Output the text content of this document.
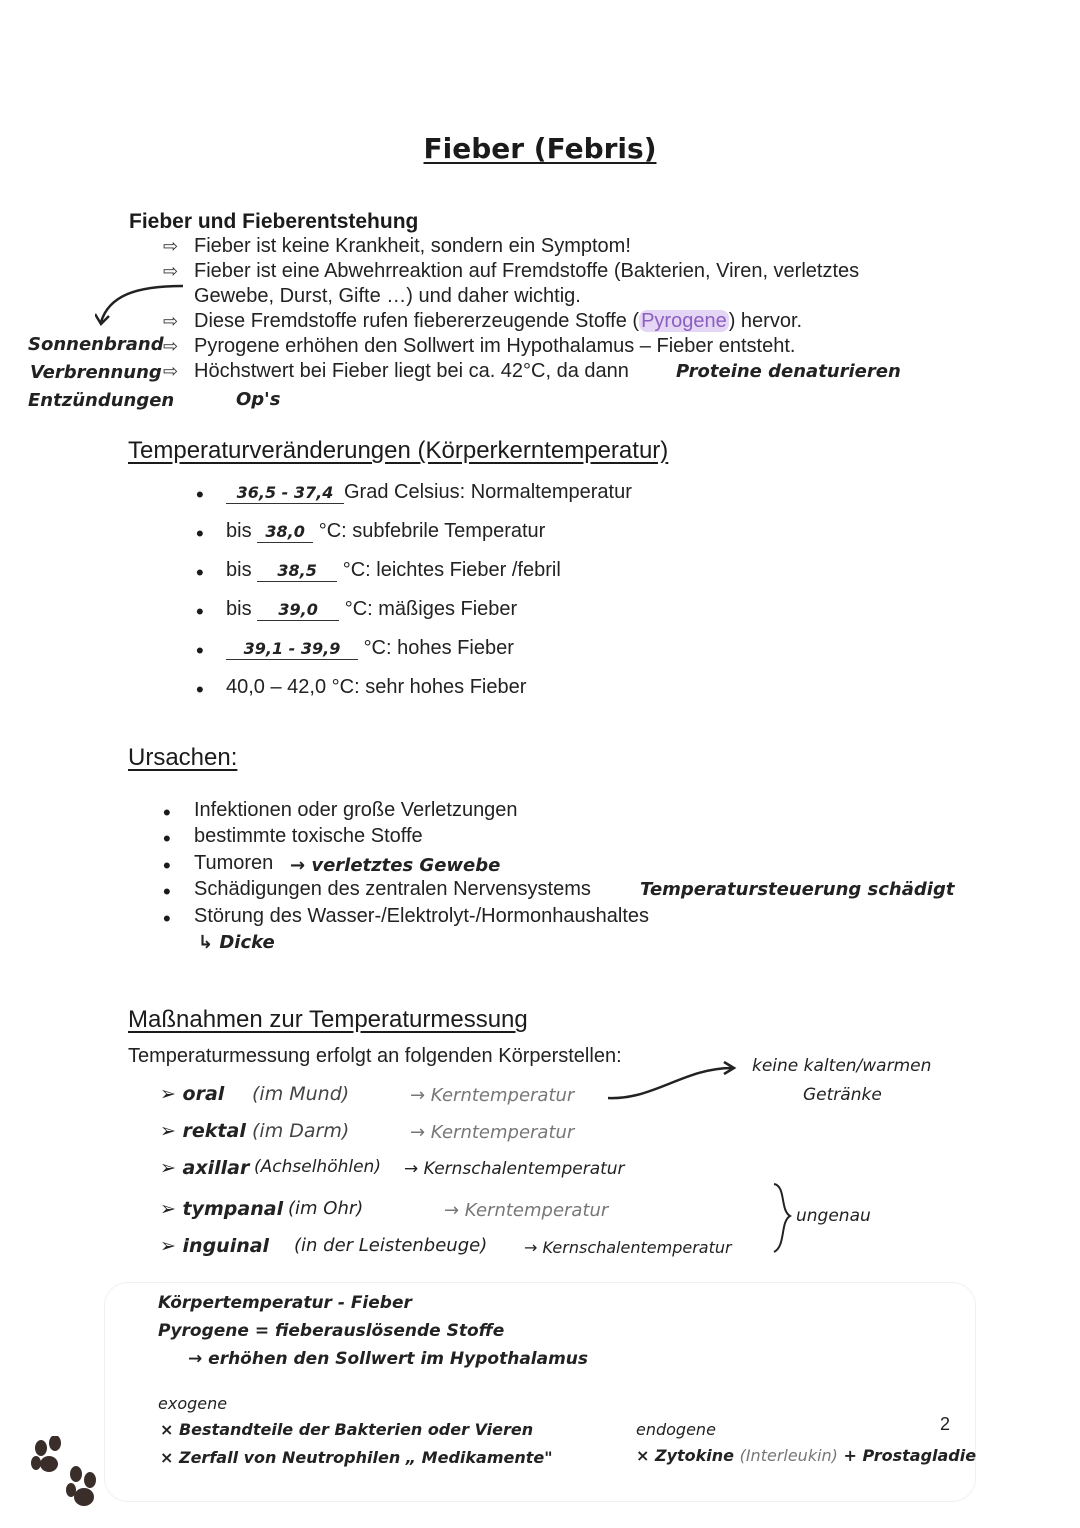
Fieber (Febris)
Sonnenbrand
Verbrennung
Entzündungen
Fieber und Fieberentstehung
⇨ Fieber ist keine Krankheit, sondern ein Symptom!
⇨ Fieber ist eine Abwehrreaktion auf Fremdstoffe (Bakterien, Viren, verletztes
Gewebe, Durst, Gifte …) und daher wichtig.
⇨ Diese Fremdstoffe rufen fiebererzeugende Stoffe ( Pyrogene ) hervor.
⇨ Pyrogene erhöhen den Sollwert im Hypothalamus – Fieber entsteht.
⇨ Höchstwert bei Fieber liegt bei ca. 42°C, da dann	Proteine denaturieren
Op's
Temperaturveränderungen (Körperkerntemperatur)
•	36,5 - 37,4 Grad Celsius: Normaltemperatur
• bis 38,0 °C: subfebrile Temperatur
• bis 38,5 °C: leichtes Fieber /febril
• bis 39,0 °C: mäßiges Fieber
•	39,1 - 39,9 °C: hohes Fieber
• 40,0 – 42,0 °C: sehr hohes Fieber
Ursachen:
• Infektionen oder große Verletzungen
• bestimmte toxische Stoffe
• Tumoren → verletztes Gewebe
• Schädigungen des zentralen Nervensystems	Temperatursteuerung schädigt
• Störung des Wasser-/Elektrolyt-/Hormonhaushaltes
↳ Dicke
Maßnahmen zur Temperaturmessung
Temperaturmessung erfolgt an folgenden Körperstellen:	keine kalten/warmen
Getränke
➢ oral (im Mund)	→ Kerntemperatur
➢ rektal (im Darm)	→ Kerntemperatur
➢ axillar (Achselhöhlen) → Kernschalentemperatur
➢ tympanal (im Ohr)	→ Kerntemperatur
➢ inguinal (in der Leistenbeuge) → Kernschalentemperatur
ungenau
Körpertemperatur - Fieber
Pyrogene = fieberauslösende Stoffe
→ erhöhen den Sollwert im Hypothalamus
exogene
× Bestandteile der Bakterien oder Vieren
× Zerfall von Neutrophilen „ Medikamente"
endogene
× Zytokine (Interleukin) + Prostagladie
2
